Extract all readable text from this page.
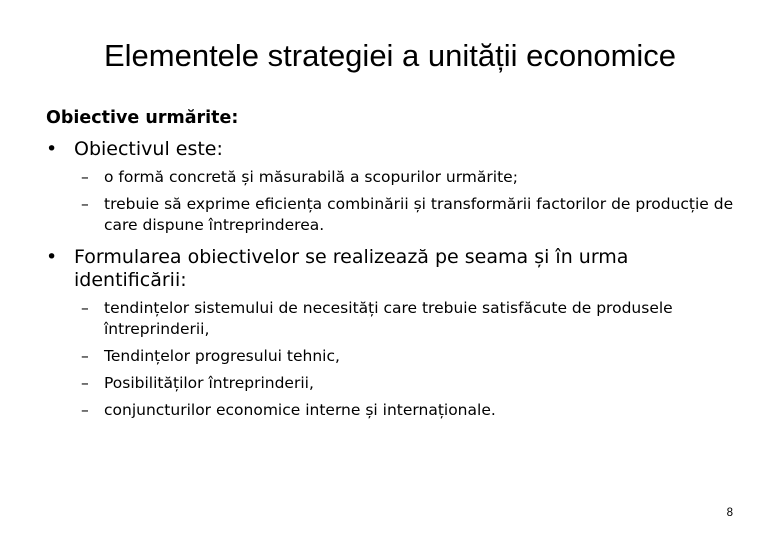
Elementele strategiei a unității economice
Obiective urmărite:
• Obiectivul este:
– o formă concretă și măsurabilă a scopurilor urmărite;
– trebuie să exprime eficiența combinării și transformării factorilor de producție de care dispune întreprinderea.
• Formularea obiectivelor se realizează pe seama și în urma identificării:
– tendințelor sistemului de necesități care trebuie satisfăcute de produsele întreprinderii,
– Tendințelor progresului tehnic,
– Posibilităților întreprinderii,
– conjuncturilor economice interne și internaționale.
8
